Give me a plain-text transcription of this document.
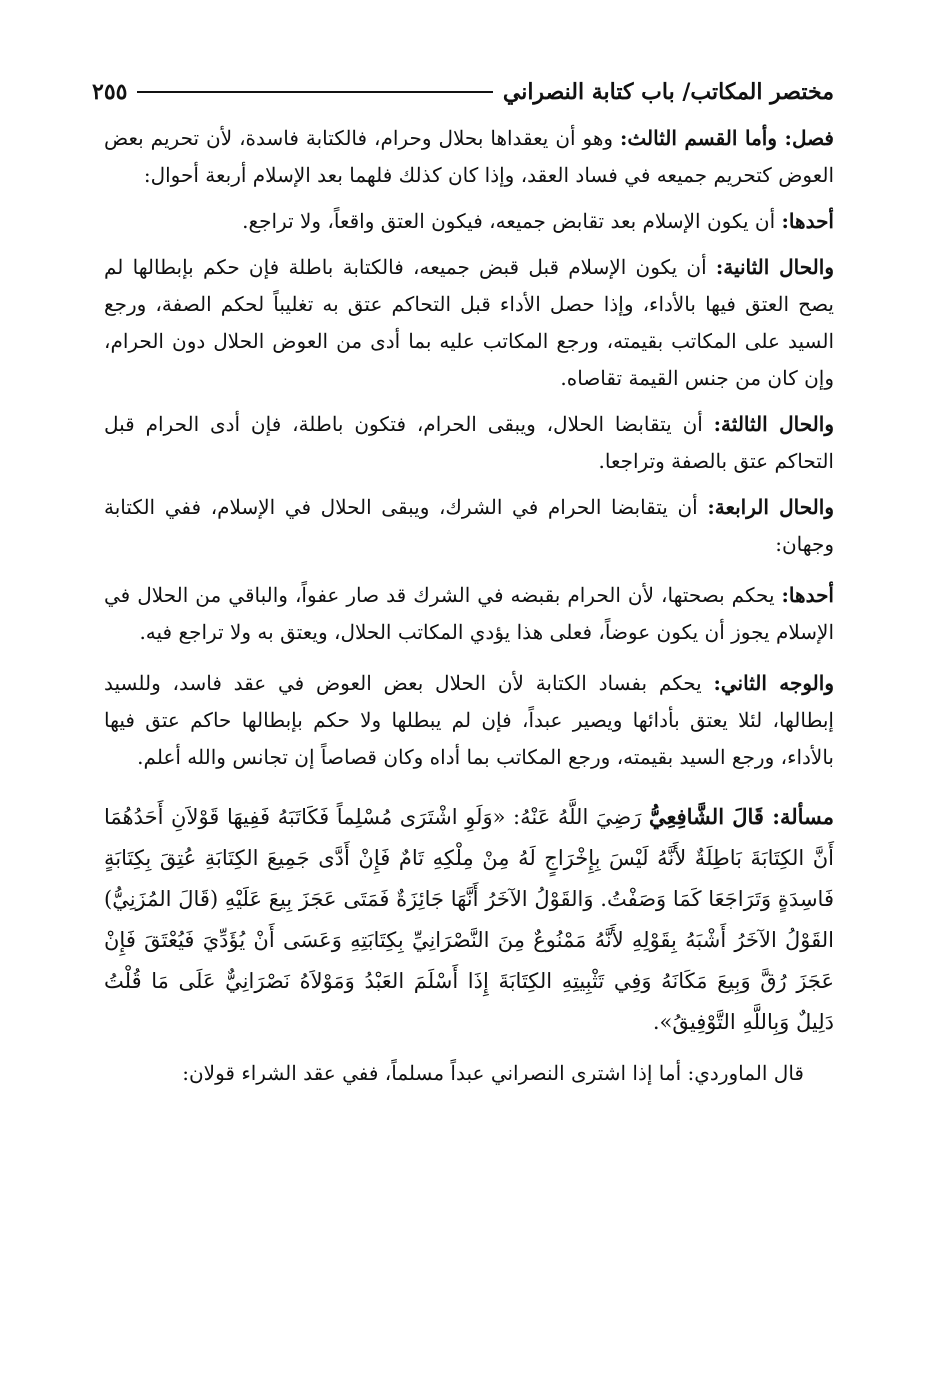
مختصر المكاتب/ باب كتابة النصراني
٢٥٥

فصل: وأما القسم الثالث: وهو أن يعقداها بحلال وحرام، فالكتابة فاسدة، لأن تحريم بعض العوض كتحريم جميعه في فساد العقد، وإذا كان كذلك فلهما بعد الإسلام أربعة أحوال:

أحدها: أن يكون الإسلام بعد تقابض جميعه، فيكون العتق واقعاً، ولا تراجع.

والحال الثانية: أن يكون الإسلام قبل قبض جميعه، فالكتابة باطلة فإن حكم بإبطالها لم يصح العتق فيها بالأداء، وإذا حصل الأداء قبل التحاكم عتق به تغليباً لحكم الصفة، ورجع السيد على المكاتب بقيمته، ورجع المكاتب عليه بما أدى من العوض الحلال دون الحرام، وإن كان من جنس القيمة تقاصاه.

والحال الثالثة: أن يتقابضا الحلال، ويبقى الحرام، فتكون باطلة، فإن أدى الحرام قبل التحاكم عتق بالصفة وتراجعا.

والحال الرابعة: أن يتقابضا الحرام في الشرك، ويبقى الحلال في الإسلام، ففي الكتابة وجهان:

أحدها: يحكم بصحتها، لأن الحرام بقبضه في الشرك قد صار عفواً، والباقي من الحلال في الإسلام يجوز أن يكون عوضاً، فعلى هذا يؤدي المكاتب الحلال، ويعتق به ولا تراجع فيه.

والوجه الثاني: يحكم بفساد الكتابة لأن الحلال بعض العوض في عقد فاسد، وللسيد إبطالها، لئلا يعتق بأدائها ويصير عبداً، فإن لم يبطلها ولا حكم بإبطالها حاكم عتق فيها بالأداء، ورجع السيد بقيمته، ورجع المكاتب بما أداه وكان قصاصاً إن تجانس والله أعلم.

مسألة: قَالَ الشَّافِعِيُّ رَضِيَ اللَّهُ عَنْهُ: «وَلَوِ اشْتَرَى مُسْلِماً فَكَاتَبَهُ فَفِيهَا قَوْلاَنِ أَحَدُهُمَا أَنَّ الكِتَابَةَ بَاطِلَةٌ لأَنَّهُ لَيْسَ بِإِخْرَاجٍ لَهُ مِنْ مِلْكِهِ تَامٌ فَإِنْ أَدَّى جَمِيعَ الكِتَابَةِ عُتِقَ بِكِتَابَةٍ فَاسِدَةٍ وَتَرَاجَعَا كَمَا وَصَفْتُ. وَالقَوْلُ الآخَرُ أَنَّهَا جَائِزَةٌ فَمَتَى عَجَزَ بِيعَ عَلَيْهِ (قَالَ المُزَنِيُّ) القَوْلُ الآخَرُ أَشْبَهُ بِقَوْلِهِ لأَنَّهُ مَمْنُوعٌ مِنَ النَّصْرَانِيِّ بِكِتَابَتِهِ وَعَسَى أَنْ يُؤَدِّيَ فَيُعْتَقَ فَإِنْ عَجَزَ رُقَّ وَبِيعَ مَكَانَهُ وَفِي تَثْبِيتِهِ الكِتَابَةَ إِذَا أَسْلَمَ العَبْدُ وَمَوْلاَهُ نَصْرَانِيٌّ عَلَى مَا قُلْتُ دَلِيلٌ وَبِاللَّهِ التَّوْفِيقُ».

قال الماوردي: أما إذا اشترى النصراني عبداً مسلماً، ففي عقد الشراء قولان:
